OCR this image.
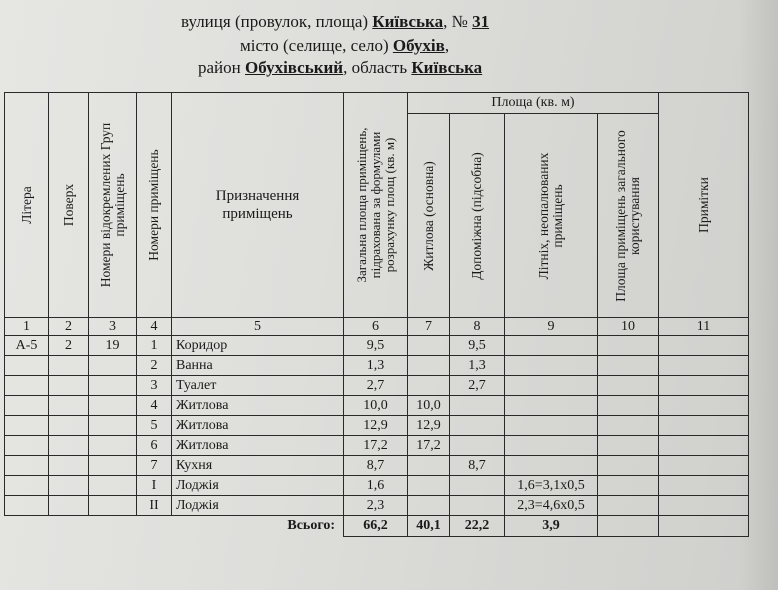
вулиця (провулок, площа) Київська, № 31
місто (селище, село) Обухів,
район Обухівський, область Київська
Літера	Поверх	Номери відокремлених Груп приміщень	Номери приміщень	Призначення приміщень	Загальна площа приміщень, підрахована за формулами розрахунку площ (кв. м)	Площа (кв. м)				Примітки

						Житлова (основна)	Допоміжна (підсобна)	Літніх, неопалюваних приміщень	Площа приміщень загального користування	

1	2	3	4	5	6	7	8	9	10	11
А-5	2	19	1	Коридор	9,5		9,5			
			2	Ванна	1,3		1,3			
			3	Туалет	2,7		2,7			
			4	Житлова	10,0	10,0				
			5	Житлова	12,9	12,9				
			6	Житлова	17,2	17,2				
			7	Кухня	8,7		8,7			
			I	Лоджія	1,6			1,6=3,1х0,5		
			II	Лоджія	2,3			2,3=4,6х0,5		
Всього:					66,2	40,1	22,2	3,9		
